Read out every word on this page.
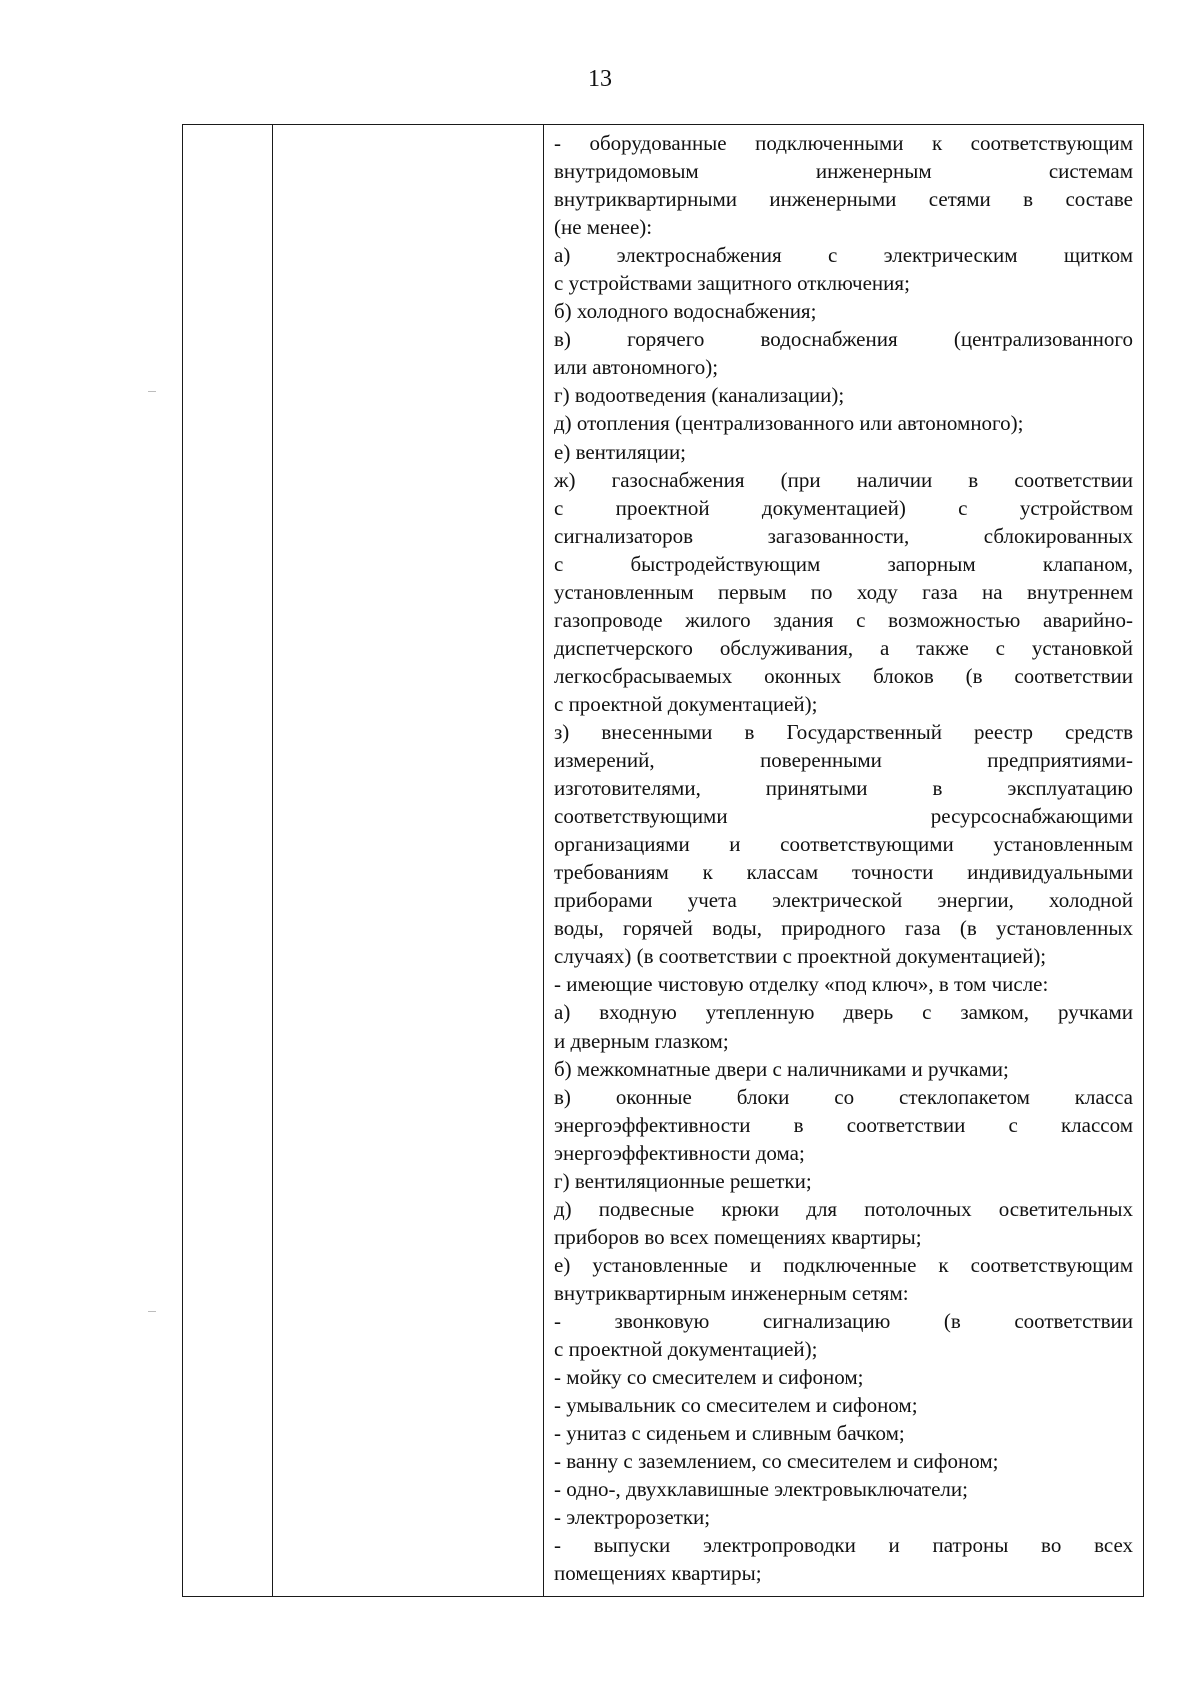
13

- оборудованные подключенными к соответствующим
внутридомовым инженерным системам
внутриквартирными инженерными сетями в составе
(не менее):
а) электроснабжения с электрическим щитком
с устройствами защитного отключения;
б) холодного водоснабжения;
в) горячего водоснабжения (централизованного
или автономного);
г) водоотведения (канализации);
д) отопления (централизованного или автономного);
е) вентиляции;
ж) газоснабжения (при наличии в соответствии
с проектной документацией) с устройством
сигнализаторов загазованности, сблокированных
с быстродействующим запорным клапаном,
установленным первым по ходу газа на внутреннем
газопроводе жилого здания с возможностью аварийно-
диспетчерского обслуживания, а также с установкой
легкосбрасываемых оконных блоков (в соответствии
с проектной документацией);
з) внесенными в Государственный реестр средств
измерений, поверенными предприятиями-
изготовителями, принятыми в эксплуатацию
соответствующими ресурсоснабжающими
организациями и соответствующими установленным
требованиям к классам точности индивидуальными
приборами учета электрической энергии, холодной
воды, горячей воды, природного газа (в установленных
случаях) (в соответствии с проектной документацией);
- имеющие чистовую отделку «под ключ», в том числе:
а) входную утепленную дверь с замком, ручками
и дверным глазком;
б) межкомнатные двери с наличниками и ручками;
в) оконные блоки со стеклопакетом класса
энергоэффективности в соответствии с классом
энергоэффективности дома;
г) вентиляционные решетки;
д) подвесные крюки для потолочных осветительных
приборов во всех помещениях квартиры;
е) установленные и подключенные к соответствующим
внутриквартирным инженерным сетям:
- звонковую сигнализацию (в соответствии
с проектной документацией);
- мойку со смесителем и сифоном;
- умывальник со смесителем и сифоном;
- унитаз с сиденьем и сливным бачком;
- ванну с заземлением, со смесителем и сифоном;
- одно-, двухклавишные электровыключатели;
- электророзетки;
- выпуски электропроводки и патроны во всех
помещениях квартиры;
